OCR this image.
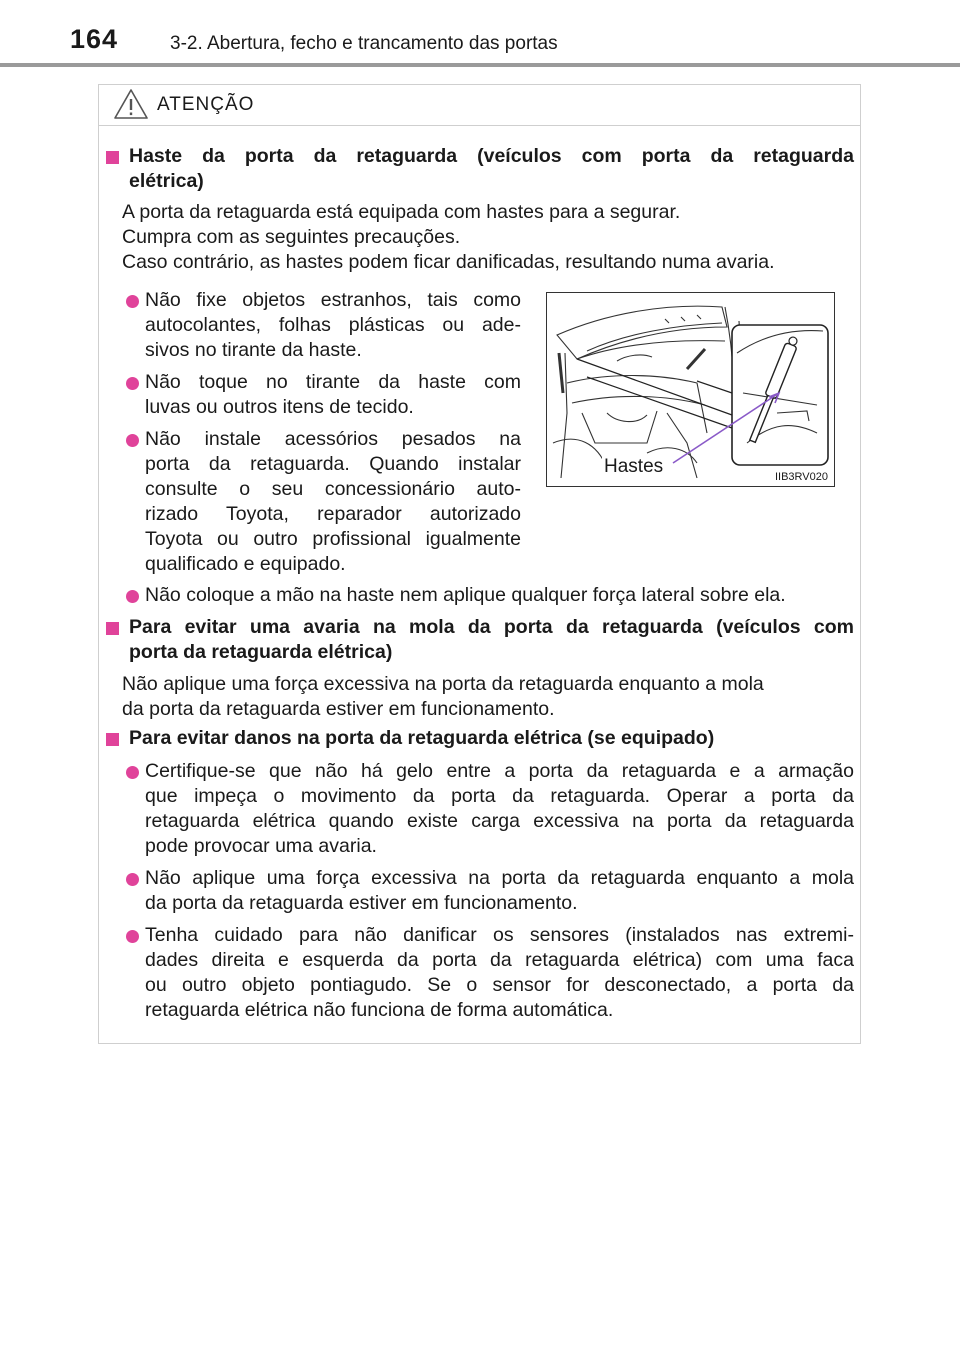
164	3-2. Abertura, fecho e trancamento das portas
ATENÇÃO
Haste da porta da retaguarda (veículos com porta da retaguarda
elétrica)
A porta da retaguarda está equipada com hastes para a segurar.
Cumpra com as seguintes precauções.
Caso contrário, as hastes podem ficar danificadas, resultando numa avaria.
Não fixe objetos estranhos, tais como
autocolantes, folhas plásticas ou ade-
sivos no tirante da haste.
Não toque no tirante da haste com
luvas ou outros itens de tecido.
Não instale acessórios pesados na
porta da retaguarda. Quando instalar
consulte o seu concessionário auto-
rizado Toyota, reparador autorizado
Toyota ou outro profissional igualmente
qualificado e equipado.
Não coloque a mão na haste nem aplique qualquer força lateral sobre ela.
Hastes	IIB3RV020
Para evitar uma avaria na mola da porta da retaguarda (veículos com
porta da retaguarda elétrica)
Não aplique uma força excessiva na porta da retaguarda enquanto a mola
da porta da retaguarda estiver em funcionamento.
Para evitar danos na porta da retaguarda elétrica (se equipado)
Certifique-se que não há gelo entre a porta da retaguarda e a armação
que impeça o movimento da porta da retaguarda. Operar a porta da
retaguarda elétrica quando existe carga excessiva na porta da retaguarda
pode provocar uma avaria.
Não aplique uma força excessiva na porta da retaguarda enquanto a mola
da porta da retaguarda estiver em funcionamento.
Tenha cuidado para não danificar os sensores (instalados nas extremi-
dades direita e esquerda da porta da retaguarda elétrica) com uma faca
ou outro objeto pontiagudo. Se o sensor for desconectado, a porta da
retaguarda elétrica não funciona de forma automática.
